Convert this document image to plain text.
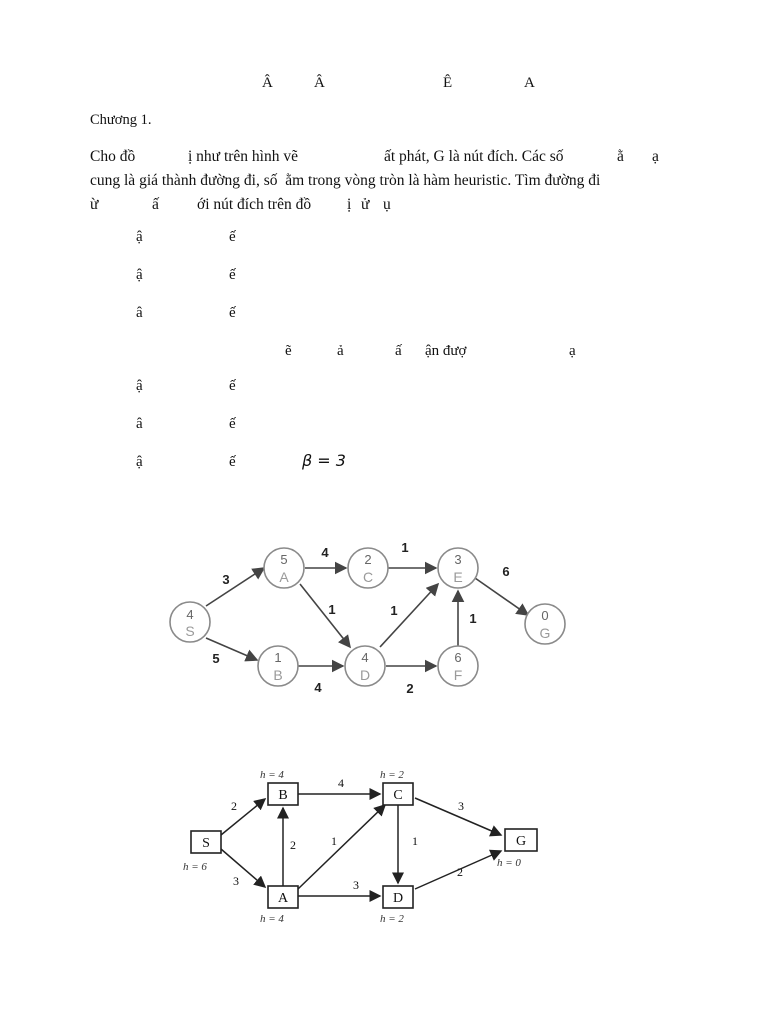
Â	Â	Ê	A
Chương 1.
Cho đồ	ị như trên hình vẽ	ất phát, G là nút đích. Các số	ằ ạ
cung là giá thành đường đi, số  ằm trong vòng tròn là hàm heuristic. Tìm đường đi
ừ	ấ ới nút đích trên đồ ị ử ụ
ậ	ế
ậ	ế
â	ế
ẽ	ả	ấ ận đượ	ạ
ậ	ế
â	ế
ậ	ế	β = 3
3
5
4
1
4
1
1
2
1
6
4
S
5
A
1
B
2
C
4
D
3
E
6
F
0
G
2
3
4
2	1
3
1
3
2
S
h = 6
B
h = 4
C
h = 2
A
h = 4
D
h = 2
G
h = 0
